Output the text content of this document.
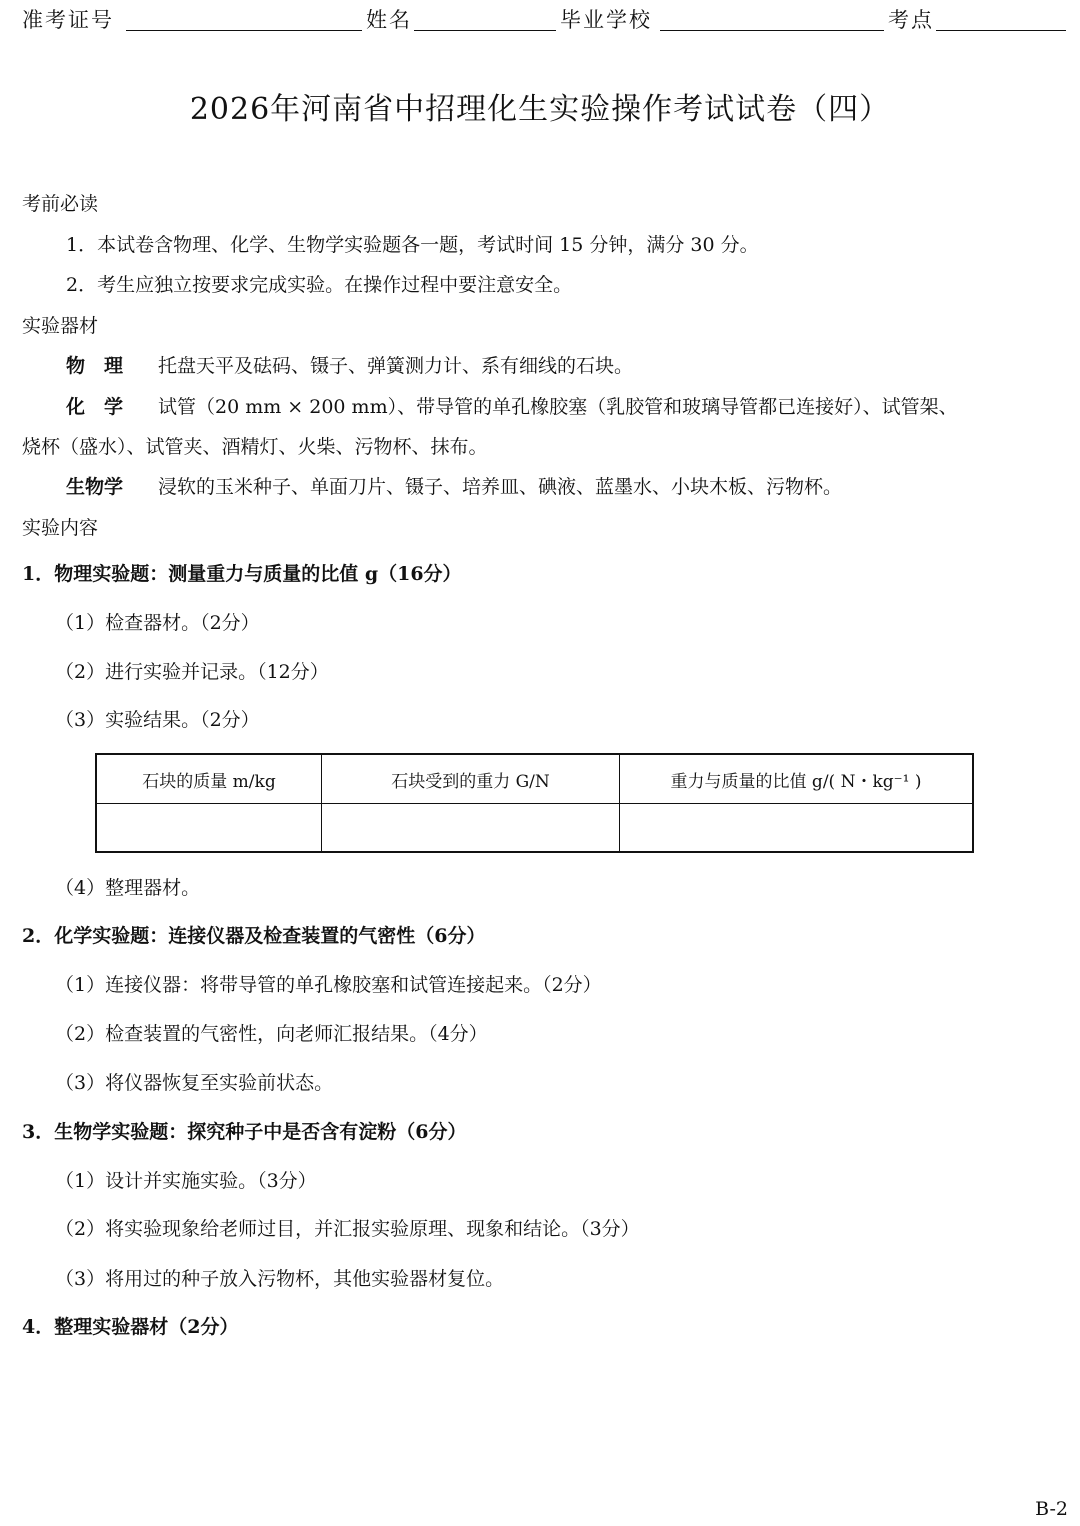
准考证号	姓名	毕业学校	考点
2026年河南省中招理化生实验操作考试试卷（四）
考前必读
1．本试卷含物理、化学、生物学实验题各一题，考试时间 15 分钟，满分 30 分。
2．考生应独立按要求完成实验。在操作过程中要注意安全。
实验器材
物　理 托盘天平及砝码、镊子、弹簧测力计、系有细线的石块。
化　学 试管（20 mm × 200 mm）、带导管的单孔橡胶塞（乳胶管和玻璃导管都已连接好）、试管架、
烧杯（盛水）、试管夹、酒精灯、火柴、污物杯、抹布。
生物学 浸软的玉米种子、单面刀片、镊子、培养皿、碘液、蓝墨水、小块木板、污物杯。
实验内容
1．物理实验题：测量重力与质量的比值 g（16分）
（1）检查器材。（2分）
（2）进行实验并记录。（12分）
（3）实验结果。（2分）
石块的质量 m/kg	石块受到的重力 G/N	重力与质量的比值 g/( N・kg⁻¹ )

（4）整理器材。
2．化学实验题：连接仪器及检查装置的气密性（6分）
（1）连接仪器：将带导管的单孔橡胶塞和试管连接起来。（2分）
（2）检查装置的气密性，向老师汇报结果。（4分）
（3）将仪器恢复至实验前状态。
3．生物学实验题：探究种子中是否含有淀粉（6分）
（1）设计并实施实验。（3分）
（2）将实验现象给老师过目，并汇报实验原理、现象和结论。（3分）
（3）将用过的种子放入污物杯，其他实验器材复位。
4．整理实验器材（2分）
B-2
